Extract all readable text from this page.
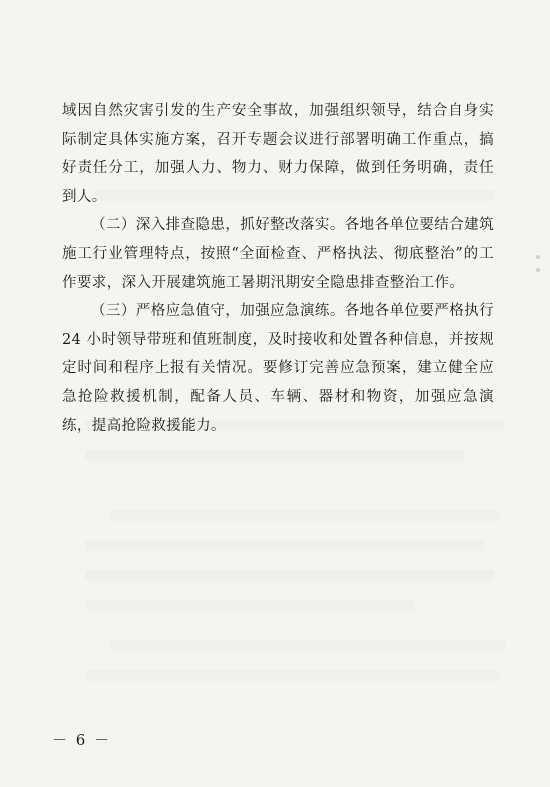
域因自然灾害引发的生产安全事故，加强组织领导，结合自身实际制定具体实施方案，召开专题会议进行部署明确工作重点，搞好责任分工，加强人力、物力、财力保障，做到任务明确，责任到人。

（二）深入排查隐患，抓好整改落实。各地各单位要结合建筑施工行业管理特点，按照“全面检查、严格执法、彻底整治”的工作要求，深入开展建筑施工暑期汛期安全隐患排查整治工作。

（三）严格应急值守，加强应急演练。各地各单位要严格执行 24 小时领导带班和值班制度，及时接收和处置各种信息，并按规定时间和程序上报有关情况。要修订完善应急预案，建立健全应急抢险救援机制，配备人员、车辆、器材和物资，加强应急演练，提高抢险救援能力。

－ 6 －
